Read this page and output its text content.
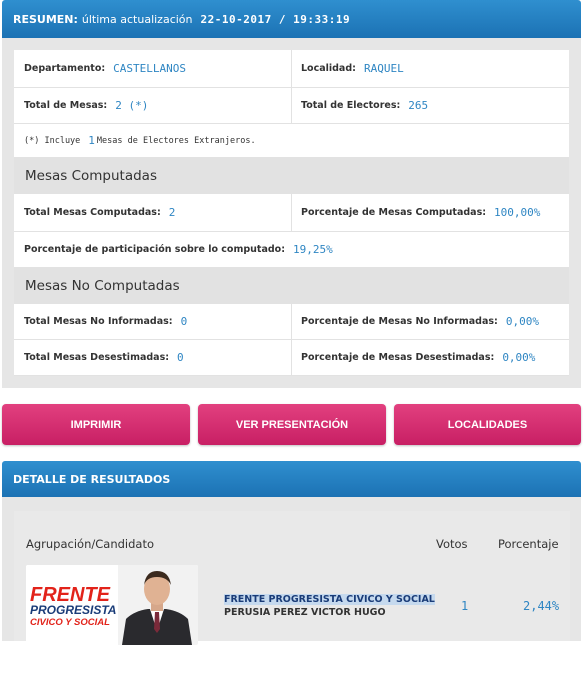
RESUMEN: última actualización 22-10-2017 / 19:33:19
Departamento: CASTELLANOS	Localidad: RAQUEL
Total de Mesas: 2 (*)	Total de Electores: 265
(*) Incluye 1 Mesas de Electores Extranjeros.
Mesas Computadas
Total Mesas Computadas: 2	Porcentaje de Mesas Computadas: 100,00%
Porcentaje de participación sobre lo computado: 19,25%
Mesas No Computadas
Total Mesas No Informadas: 0	Porcentaje de Mesas No Informadas: 0,00%
Total Mesas Desestimadas: 0	Porcentaje de Mesas Desestimadas: 0,00%
IMPRIMIR	VER PRESENTACIÓN	LOCALIDADES
DETALLE DE RESULTADOS
Agrupación/Candidato	Votos	Porcentaje
FRENTE
PROGRESISTA
CIVICO Y SOCIAL
FRENTE PROGRESISTA CIVICO Y SOCIAL
PERUSIA PEREZ VICTOR HUGO	1	2,44%
